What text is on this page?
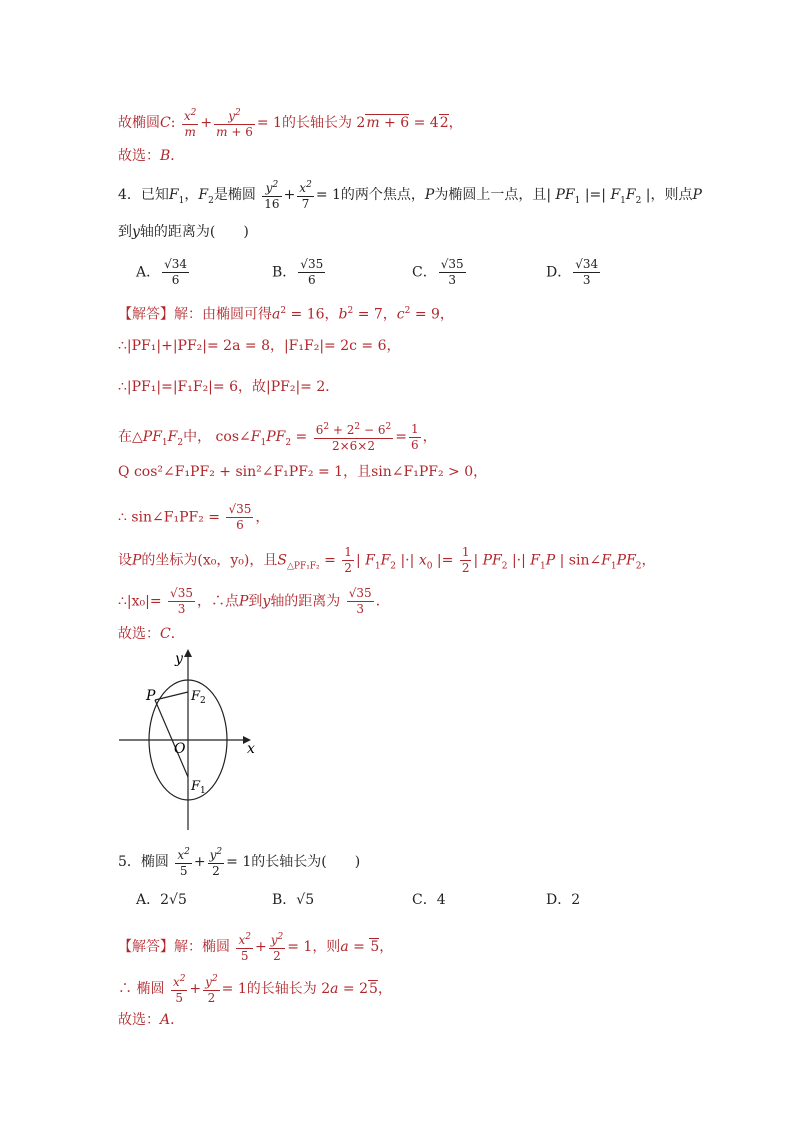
故椭圆C: $\frac{x^2}{m} + \frac{y^2}{m + 6} = 1$的长轴长为 2m + 6 = 42，
故选：B．
4．已知$F_1$，$F_2$是椭圆 $\frac{y^2}{16} + \frac{x^2}{7} = 1$的两个焦点，P为椭圆上一点，且| $PF_1$ |=| $F_1F_2$ |，则点P
到y轴的距离为(　　)
A． $\frac{√34}{6}$	B． $\frac{√35}{6}$	C． $\frac{√35}{3}$	D． $\frac{√34}{3}$
【解答】解：由椭圆可得$a^2 = 16$，$b^2 = 7$，$c^2 = 9$，
∴|PF₁|+|PF₂|= 2a = 8，|F₁F₂|= 2c = 6，
∴|PF₁|=|F₁F₂|= 6，故|PF₂|= 2．
在$\triangle PF_1F_2$中， $\cos\angle F_1PF_2 = \frac{6^2 + 2^2 - 6^2}{2\times 6\times 2} = \frac{1}{6}$ ，
Q cos²∠F₁PF₂ + sin²∠F₁PF₂ = 1，且sin∠F₁PF₂ > 0，
∴ sin∠F₁PF₂ = $\frac{√35}{6}$ ，
设P的坐标为(x₀，y₀)，且$S_{\triangle PF_1F_2} = \frac{1}{2}$ | $F_1F_2$ |·| $x_0$ |= $\frac{1}{2}$ | $PF_2$ |·| $F_1P$ | $\sin\angle F_1PF_2$，
∴|x₀|= $\frac{√35}{3}$ ，∴点P到y轴的距离为 $\frac{√35}{3}$ ．
故选：C．
y
x
P
O
F 2
F 1
5．椭圆 $\frac{x^2}{5} + \frac{y^2}{2} = 1$的长轴长为(　　)
A．2√5	B．√5	C．4	D．2
【解答】解：椭圆 $\frac{x^2}{5} + \frac{y^2}{2} = 1$，则a = 5，
∴ 椭圆 $\frac{x^2}{5} + \frac{y^2}{2} = 1$的长轴长为 2a = 25，
故选：A．
